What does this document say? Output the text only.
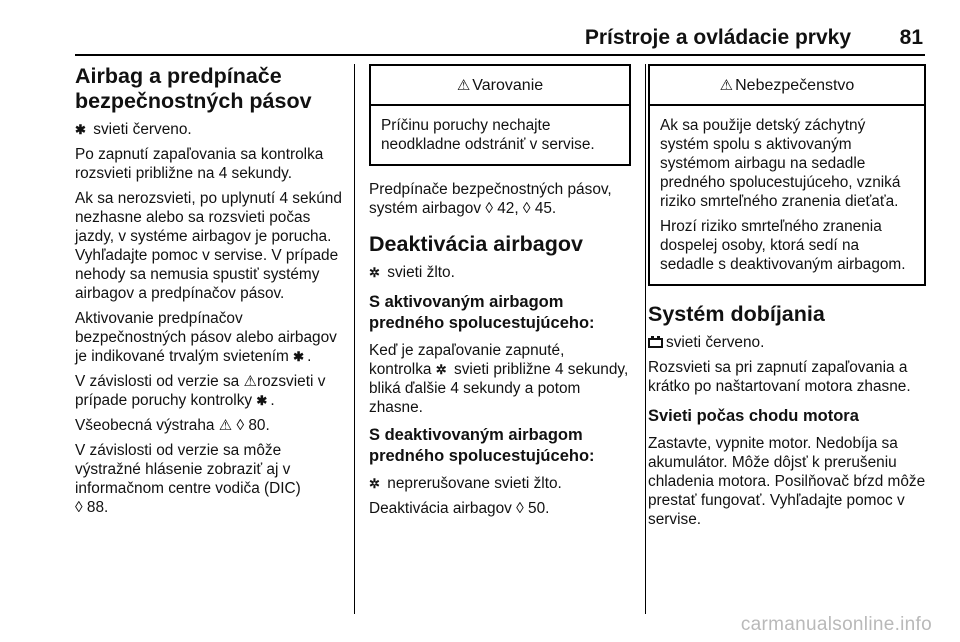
Prístroje a ovládacie prvky 81
Airbag a predpínače bezpečnostných pásov

✱ svieti červeno.

Po zapnutí zapaľovania sa kontrolka rozsvieti približne na 4 sekundy.

Ak sa nerozsvieti, po uplynutí 4 sekúnd nezhasne alebo sa rozsvieti počas jazdy, v systéme airbagov je porucha. Vyhľadajte pomoc v servise. V prípade nehody sa nemusia spustiť systémy airbagov a predpínačov pásov.

Aktivovanie predpínačov bezpečnostných pásov alebo airbagov je indikované trvalým svietením ✱ .

V závislosti od verzie sa ⚠rozsvieti v prípade poruchy kontrolky ✱ .

Všeobecná výstraha ⚠ ◊ 80.

V závislosti od verzie sa môže výstražné hlásenie zobraziť aj v informačnom centre vodiča (DIC)
◊ 88.

⚠ Varovanie

Príčinu poruchy nechajte neodkladne odstrániť v servise.

Predpínače bezpečnostných pásov, systém airbagov ◊ 42, ◊ 45.

Deaktivácia airbagov

✲ svieti žlto.

S aktivovaným airbagom predného spolucestujúceho:

Keď je zapaľovanie zapnuté, kontrolka ✲ svieti približne 4 sekundy, bliká ďalšie 4 sekundy a potom zhasne.

S deaktivovaným airbagom predného spolucestujúceho:

✲ neprerušovane svieti žlto.

Deaktivácia airbagov ◊ 50.

⚠ Nebezpečenstvo

Ak sa použije detský záchytný systém spolu s aktivovaným systémom airbagu na sedadle predného spolucestujúceho, vzniká riziko smrteľného zranenia dieťaťa.

Hrozí riziko smrteľného zranenia dospelej osoby, ktorá sedí na sedadle s deaktivovaným airbagom.

Systém dobíjania

svieti červeno.

Rozsvieti sa pri zapnutí zapaľovania a krátko po naštartovaní motora zhasne.

Svieti počas chodu motora

Zastavte, vypnite motor. Nedobíja sa akumulátor. Môže dôjsť k prerušeniu chladenia motora. Posilňovač bŕzd môže prestať fungovať. Vyhľadajte pomoc v servise.

carmanualsonline.info
